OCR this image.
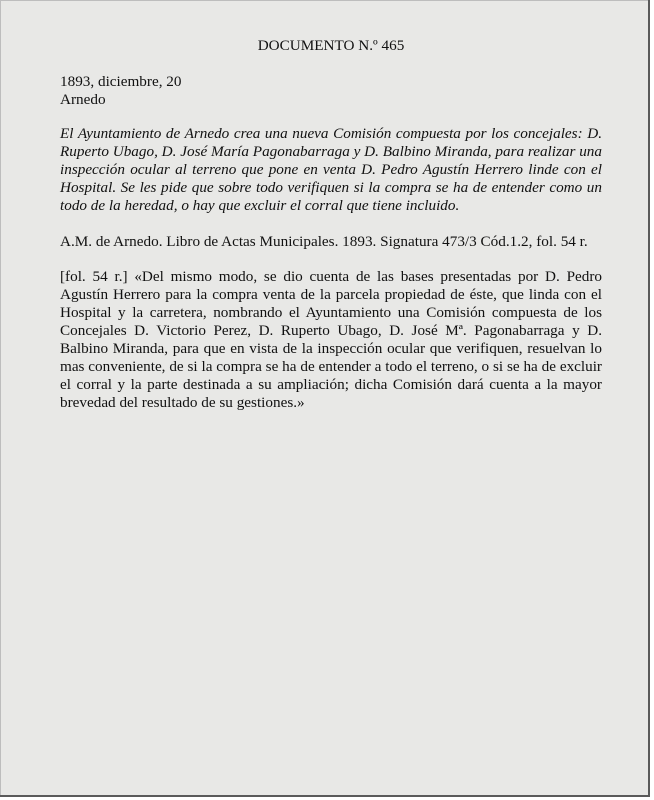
DOCUMENTO N.º 465

1893, diciembre, 20

Arnedo

El Ayuntamiento de Arnedo crea una nueva Comisión compuesta por los concejales: D. Ruperto Ubago, D. José María Pagonabarraga y D. Balbino Miranda, para realizar una inspección ocular al terreno que pone en venta D. Pedro Agustín Herrero linde con el Hospital. Se les pide que sobre todo verifiquen si la compra se ha de entender como un todo de la heredad, o hay que excluir el corral que tiene incluido.

A.M. de Arnedo. Libro de Actas Municipales. 1893. Signatura 473/3 Cód.1.2, fol. 54 r.

[fol. 54 r.] «Del mismo modo, se dio cuenta de las bases presentadas por D. Pedro Agustín Herrero para la compra venta de la parcela propiedad de éste, que linda con el Hospital y la carretera, nombrando el Ayuntamiento una Comisión compuesta de los Concejales D. Victorio Perez, D. Ruperto Ubago, D. José Mª. Pagonabarraga y D. Balbino Miranda, para que en vista de la inspección ocular que verifiquen, resuelvan lo mas conveniente, de si la compra se ha de entender a todo el terreno, o si se ha de excluir el corral y la parte destinada a su ampliación; dicha Comisión dará cuenta a la mayor brevedad del resultado de su gestiones.»
